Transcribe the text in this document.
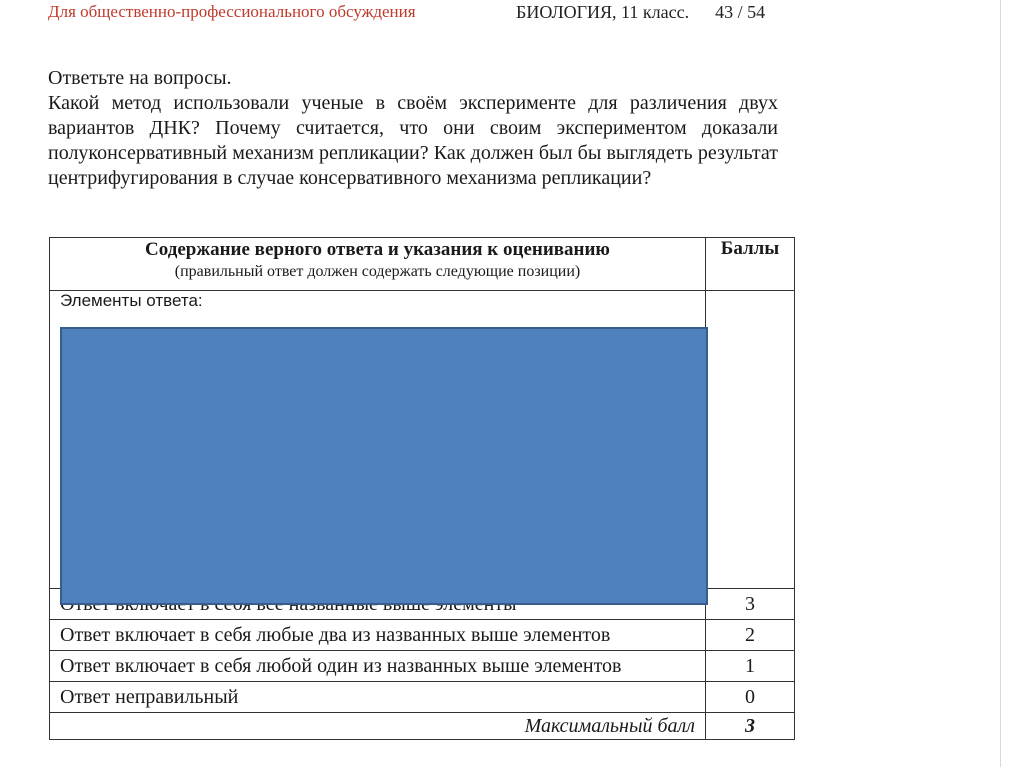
Для общественно-профессионального обсуждения	БИОЛОГИЯ, 11 класс. 43 / 54
Ответьте на вопросы.
Какой метод использовали ученые в своём эксперименте для различения двух вариантов ДНК? Почему считается, что они своим экспериментом доказали полуконсервативный механизм репликации? Как должен был бы выглядеть результат центрифугирования в случае консервативного механизма репликации?
Содержание верного ответа и указания к оцениванию
(правильный ответ должен содержать следующие позиции)	Баллы
Элементы ответа:	
	3
Ответ включает в себя любые два из названных выше элементов	2
Ответ включает в себя любой один из названных выше элементов	1
Ответ неправильный	0
Максимальный балл	3
